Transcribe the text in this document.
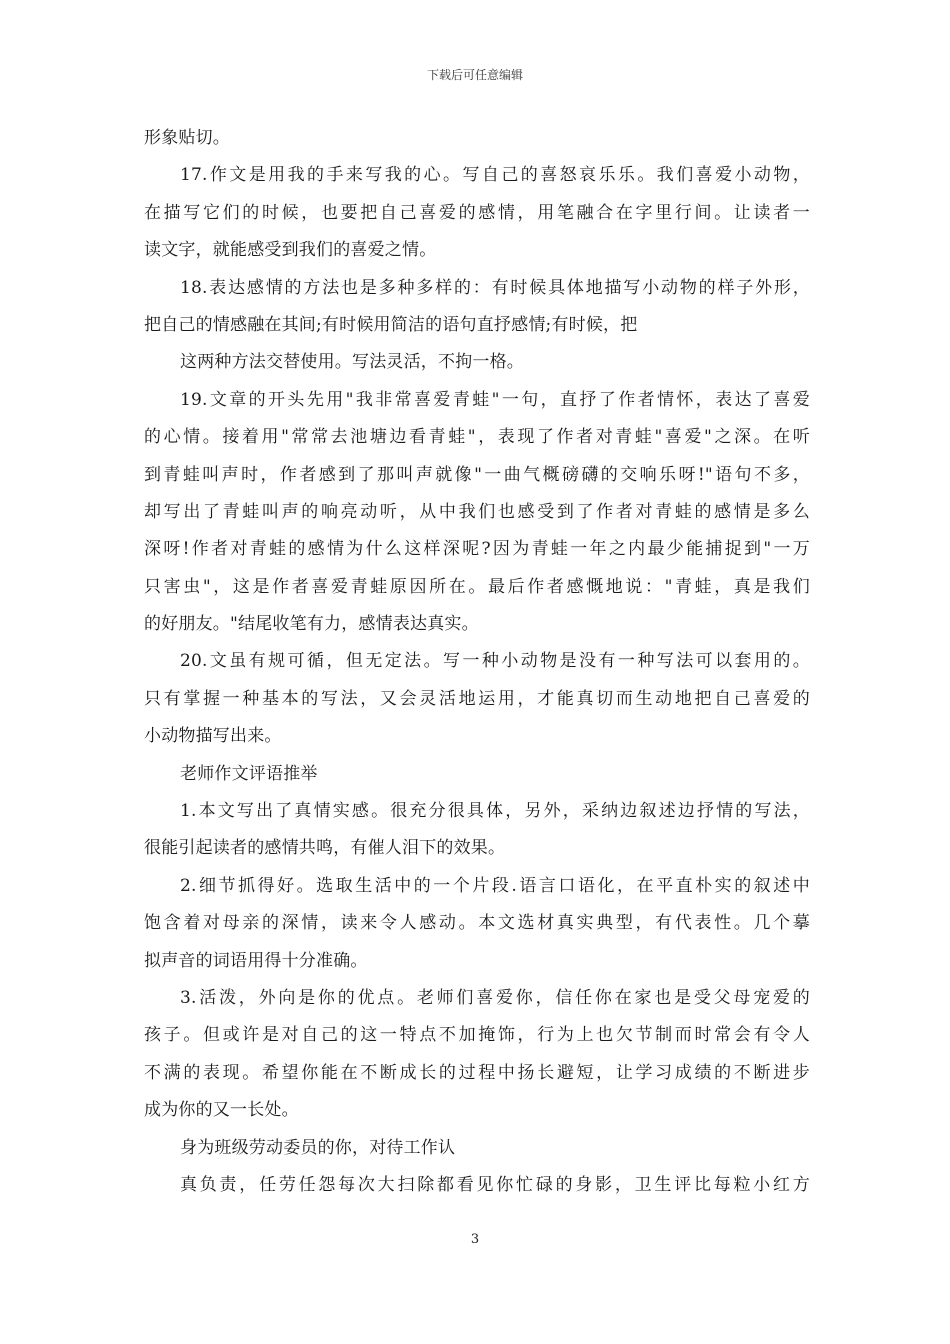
下载后可任意编辑
形象贴切。
17.作文是用我的手来写我的心。写自己的喜怒哀乐乐。我们喜爱小动物，
在描写它们的时候，也要把自己喜爱的感情，用笔融合在字里行间。让读者一
读文字，就能感受到我们的喜爱之情。
18.表达感情的方法也是多种多样的：有时候具体地描写小动物的样子外形，
把自己的情感融在其间;有时候用简洁的语句直抒感情;有时候，把
这两种方法交替使用。写法灵活，不拘一格。
19.文章的开头先用"我非常喜爱青蛙"一句，直抒了作者情怀，表达了喜爱
的心情。接着用"常常去池塘边看青蛙"，表现了作者对青蛙"喜爱"之深。在听
到青蛙叫声时，作者感到了那叫声就像"一曲气概磅礴的交响乐呀!"语句不多，
却写出了青蛙叫声的响亮动听，从中我们也感受到了作者对青蛙的感情是多么
深呀!作者对青蛙的感情为什么这样深呢?因为青蛙一年之内最少能捕捉到"一万
只害虫"，这是作者喜爱青蛙原因所在。最后作者感慨地说："青蛙，真是我们
的好朋友。"结尾收笔有力，感情表达真实。
20.文虽有规可循，但无定法。写一种小动物是没有一种写法可以套用的。
只有掌握一种基本的写法，又会灵活地运用，才能真切而生动地把自己喜爱的
小动物描写出来。
老师作文评语推举
1.本文写出了真情实感。很充分很具体，另外，采纳边叙述边抒情的写法，
很能引起读者的感情共鸣，有催人泪下的效果。
2.细节抓得好。选取生活中的一个片段.语言口语化，在平直朴实的叙述中
饱含着对母亲的深情，读来令人感动。本文选材真实典型，有代表性。几个摹
拟声音的词语用得十分准确。
3.活泼，外向是你的优点。老师们喜爱你，信任你在家也是受父母宠爱的
孩子。但或许是对自己的这一特点不加掩饰，行为上也欠节制而时常会有令人
不满的表现。希望你能在不断成长的过程中扬长避短，让学习成绩的不断进步
成为你的又一长处。
身为班级劳动委员的你，对待工作认
真负责，任劳任怨每次大扫除都看见你忙碌的身影，卫生评比每粒小红方
3
